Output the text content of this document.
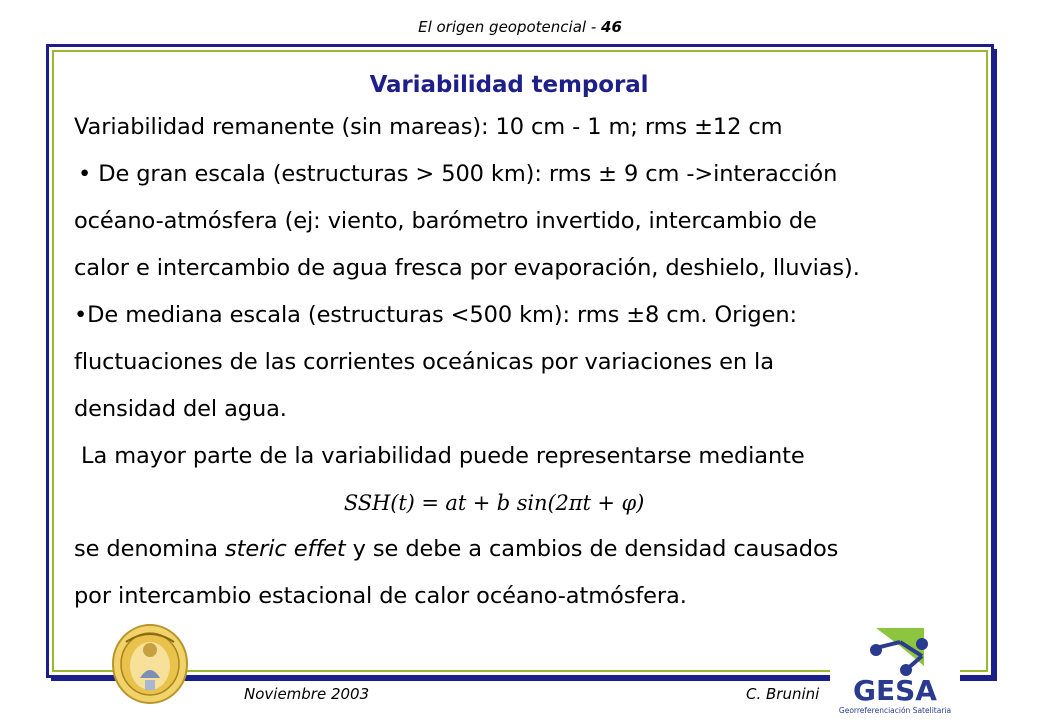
El origen geopotencial - 46
Variabilidad temporal
Variabilidad remanente (sin mareas): 10 cm - 1 m; rms ±12 cm
• De gran escala (estructuras > 500 km): rms ± 9 cm ->interacción
océano-atmósfera (ej: viento, barómetro invertido, intercambio de
calor e intercambio de agua fresca por evaporación, deshielo, lluvias).
•De mediana escala (estructuras <500 km): rms ±8 cm. Origen:
fluctuaciones de las corrientes oceánicas por variaciones en la
densidad del agua.
La mayor parte de la variabilidad puede representarse mediante
SSH(t) = at + b sin(2πt + φ)
se denomina steric effet y se debe a cambios de densidad causados
por intercambio estacional de calor océano-atmósfera.
Noviembre 2003	C. Brunini GESA
Georreferenciación Satelitaria
